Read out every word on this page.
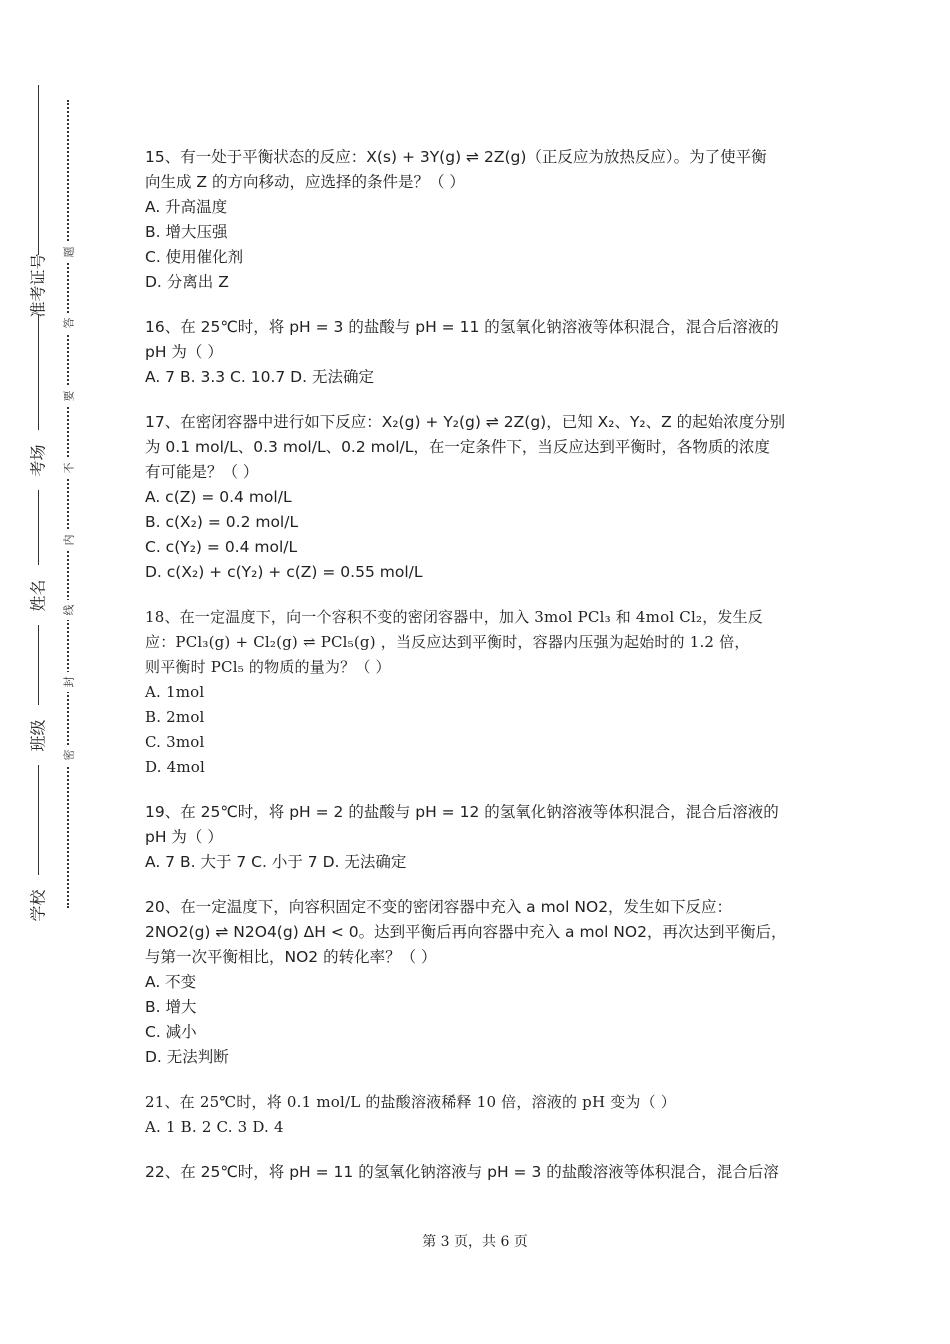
准考证号
考场
姓名
班级
学校
题
答
要
不
内
线
封
密
15、有一处于平衡状态的反应：X(s) + 3Y(g) ⇌ 2Z(g)（正反应为放热反应）。为了使平衡
向生成 Z 的方向移动，应选择的条件是？（ ）
A. 升高温度
B. 增大压强
C. 使用催化剂
D. 分离出 Z
16、在 25℃时，将 pH = 3 的盐酸与 pH = 11 的氢氧化钠溶液等体积混合，混合后溶液的
pH 为（ ）
A. 7 B. 3.3 C. 10.7 D. 无法确定
17、在密闭容器中进行如下反应：X₂(g) + Y₂(g) ⇌ 2Z(g)，已知 X₂、Y₂、Z 的起始浓度分别
为 0.1 mol/L、0.3 mol/L、0.2 mol/L，在一定条件下，当反应达到平衡时，各物质的浓度
有可能是？（ ）
A. c(Z) = 0.4 mol/L
B. c(X₂) = 0.2 mol/L
C. c(Y₂) = 0.4 mol/L
D. c(X₂) + c(Y₂) + c(Z) = 0.55 mol/L
18、在一定温度下，向一个容积不变的密闭容器中，加入 3mol PCl₃ 和 4mol Cl₂，发生反
应：PCl₃(g) + Cl₂(g) ⇌ PCl₅(g) ，当反应达到平衡时，容器内压强为起始时的 1.2 倍，
则平衡时 PCl₅ 的物质的量为？（ ）
A. 1mol
B. 2mol
C. 3mol
D. 4mol
19、在 25℃时，将 pH = 2 的盐酸与 pH = 12 的氢氧化钠溶液等体积混合，混合后溶液的
pH 为（ ）
A. 7 B. 大于 7 C. 小于 7 D. 无法确定
20、在一定温度下，向容积固定不变的密闭容器中充入 a mol NO2，发生如下反应：
2NO2(g) ⇌ N2O4(g) ΔH < 0。达到平衡后再向容器中充入 a mol NO2，再次达到平衡后，
与第一次平衡相比，NO2 的转化率？（ ）
A. 不变
B. 增大
C. 减小
D. 无法判断
21、在 25℃时，将 0.1 mol/L 的盐酸溶液稀释 10 倍，溶液的 pH 变为（ ）
A. 1 B. 2 C. 3 D. 4
22、在 25℃时，将 pH = 11 的氢氧化钠溶液与 pH = 3 的盐酸溶液等体积混合，混合后溶
第 3 页，共 6 页
